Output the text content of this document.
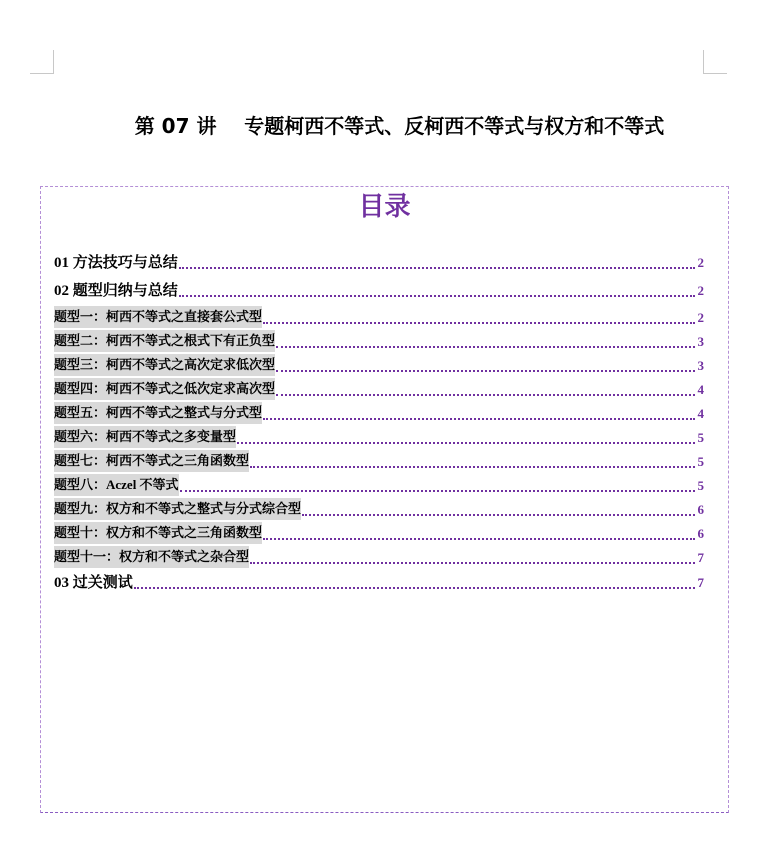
第 07 讲    专题柯西不等式、反柯西不等式与权方和不等式
目录
01 方法技巧与总结	2
02 题型归纳与总结	2
题型一：柯西不等式之直接套公式型	2
题型二：柯西不等式之根式下有正负型	3
题型三：柯西不等式之高次定求低次型	3
题型四：柯西不等式之低次定求高次型	4
题型五：柯西不等式之整式与分式型	4
题型六：柯西不等式之多变量型	5
题型七：柯西不等式之三角函数型	5
题型八：Aczel 不等式	5
题型九：权方和不等式之整式与分式综合型	6
题型十：权方和不等式之三角函数型	6
题型十一：权方和不等式之杂合型	7
03 过关测试	7
